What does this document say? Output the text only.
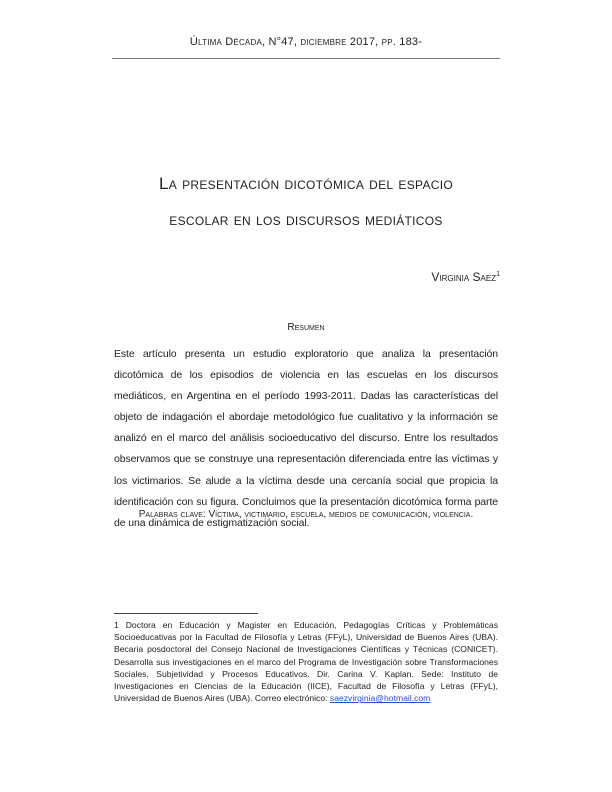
Última Década, N°47, diciembre 2017, pp. 183-
La presentación dicotómica del espacio
escolar en los discursos mediáticos
Virginia Saez$^1$
Resumen

Este artículo presenta un estudio exploratorio que analiza la presentación dicotómica de los episodios de violencia en las escuelas en los discursos mediáticos, en Argentina en el período 1993-2011. Dadas las características del objeto de indagación el abordaje metodológico fue cualitativo y la información se analizó en el marco del análisis socioeducativo del discurso. Entre los resultados observamos que se construye una representación diferenciada entre las víctimas y los victimarios. Se alude a la víctima desde una cercanía social que propicia la identificación con su figura. Concluimos que la presentación dicotómica forma parte de una dinámica de estigmatización social.

Palabras clave: Víctima, victimario, escuela, medios de comunicación, violencia.

1 Doctora en Educación y Magister en Educación, Pedagogías Críticas y Problemáticas Socioeducativas por la Facultad de Filosofía y Letras (FFyL), Universidad de Buenos Aires (UBA). Becaria posdoctoral del Consejo Nacional de Investigaciones Científicas y Técnicas (CONICET). Desarrolla sus investigaciones en el marco del Programa de Investigación sobre Transformaciones Sociales, Subjetividad y Procesos Educativos. Dir. Carina V. Kaplan. Sede: Instituto de Investigaciones en Ciencias de la Educación (IICE), Facultad de Filosofía y Letras (FFyL), Universidad de Buenos Aires (UBA). Correo electrónico: saezvirginia@hotmail.com
